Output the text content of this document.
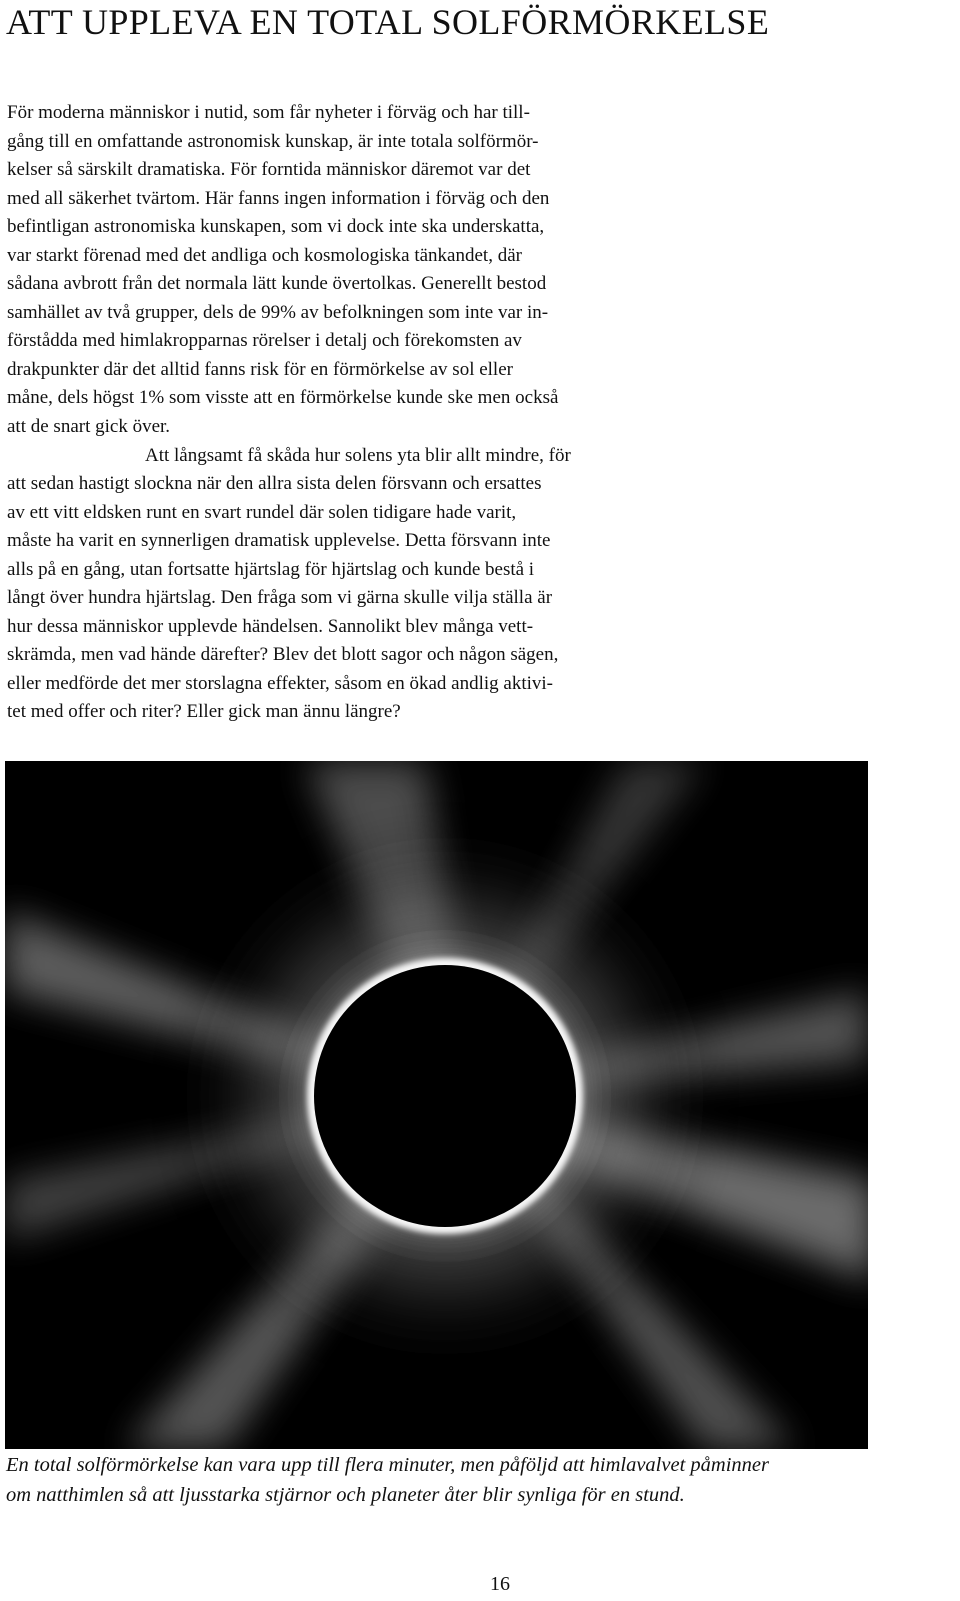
ATT UPPLEVA EN TOTAL SOLFÖRMÖRKELSE

För moderna människor i nutid, som får nyheter i förväg och har till-
gång till en omfattande astronomisk kunskap, är inte totala solförmör-
kelser så särskilt dramatiska. För forntida människor däremot var det
med all säkerhet tvärtom. Här fanns ingen information i förväg och den
befintligan astronomiska kunskapen, som vi dock inte ska underskatta,
var starkt förenad med det andliga och kosmologiska tänkandet, där
sådana avbrott från det normala lätt kunde övertolkas. Generellt bestod
samhället av två grupper, dels de 99% av befolkningen som inte var in-
förstådda med himlakropparnas rörelser i detalj och förekomsten av
drakpunkter där det alltid fanns risk för en förmörkelse av sol eller
måne, dels högst 1% som visste att en förmörkelse kunde ske men också
att de snart gick över.

Att långsamt få skåda hur solens yta blir allt mindre, för
att sedan hastigt slockna när den allra sista delen försvann och ersattes
av ett vitt eldsken runt en svart rundel där solen tidigare hade varit,
måste ha varit en synnerligen dramatisk upplevelse. Detta försvann inte
alls på en gång, utan fortsatte hjärtslag för hjärtslag och kunde bestå i
långt över hundra hjärtslag. Den fråga som vi gärna skulle vilja ställa är
hur dessa människor upplevde händelsen. Sannolikt blev många vett-
skrämda, men vad hände därefter? Blev det blott sagor och någon sägen,
eller medförde det mer storslagna effekter, såsom en ökad andlig aktivi-
tet med offer och riter? Eller gick man ännu längre?

En total solförmörkelse kan vara upp till flera minuter, men påföljd att himlavalvet påminner
om natthimlen så att ljusstarka stjärnor och planeter åter blir synliga för en stund.
16
